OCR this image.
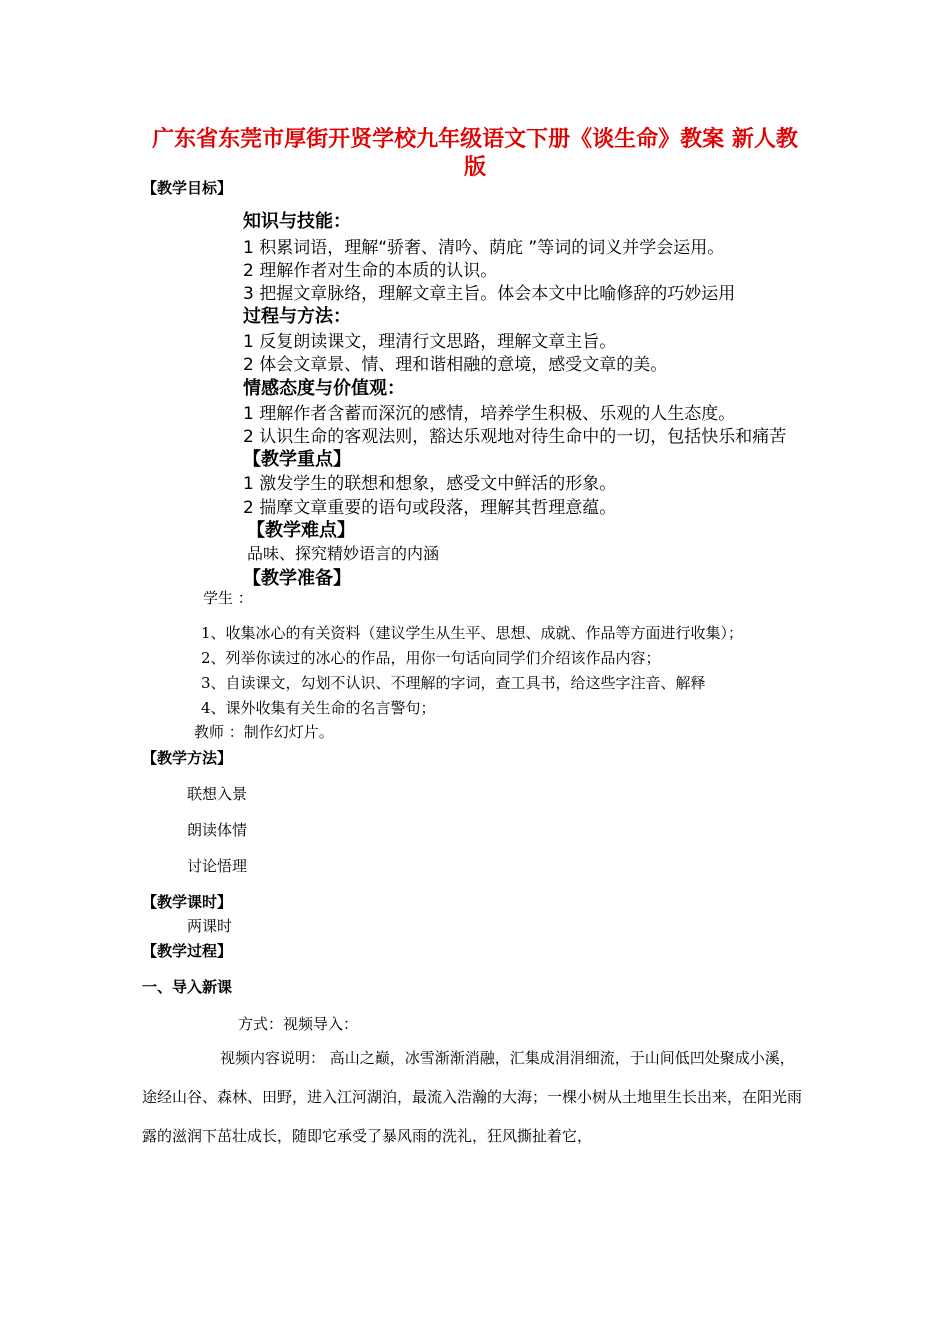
广东省东莞市厚街开贤学校九年级语文下册《谈生命》教案 新人教
版
【教学目标】
知识与技能：
1 积累词语，理解“骄奢、清吟、荫庇 ”等词的词义并学会运用。
2 理解作者对生命的本质的认识。
3 把握文章脉络，理解文章主旨。体会本文中比喻修辞的巧妙运用
过程与方法：
1 反复朗读课文，理清行文思路，理解文章主旨。
2 体会文章景、情、理和谐相融的意境，感受文章的美。
情感态度与价值观：
1 理解作者含蓄而深沉的感情，培养学生积极、乐观的人生态度。
2 认识生命的客观法则，豁达乐观地对待生命中的一切，包括快乐和痛苦
【教学重点】
1 激发学生的联想和想象，感受文中鲜活的形象。
2 揣摩文章重要的语句或段落，理解其哲理意蕴。
【教学难点】
品味、探究精妙语言的内涵
【教学准备】
学生 ：
1、收集冰心的有关资料（建议学生从生平、思想、成就、作品等方面进行收集）；
2、列举你读过的冰心的作品，用你一句话向同学们介绍该作品内容；
3、自读课文，勾划不认识、不理解的字词，查工具书，给这些字注音、解释
4、课外收集有关生命的名言警句；
教师 ：制作幻灯片。
【教学方法】
联想入景
朗读体情
讨论悟理
【教学课时】
两课时
【教学过程】
一、导入新课
方式：视频导入：
视频内容说明： 高山之巅，冰雪渐渐消融，汇集成涓涓细流，于山间低凹处聚成小溪，途经山谷、森林、田野，进入江河湖泊，最流入浩瀚的大海；一棵小树从土地里生长出来，在阳光雨露的滋润下茁壮成长，随即它承受了暴风雨的洗礼，狂风撕扯着它，
